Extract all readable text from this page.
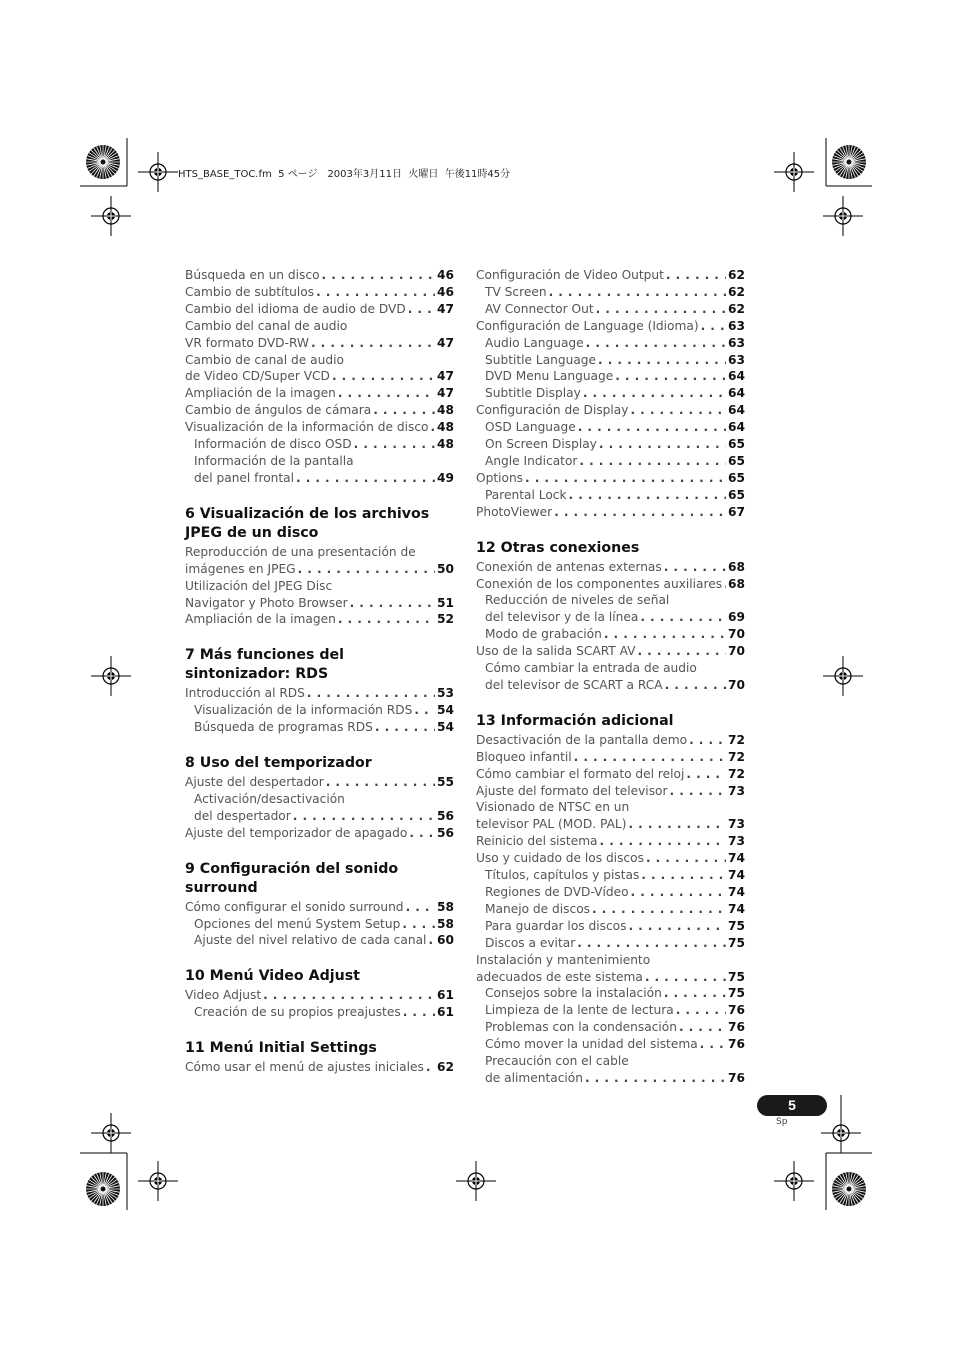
HTS_BASE_TOC.fm  5 ページ　2003年3月11日  火曜日  午後11時45分
Búsqueda en un disco . . .	46
Cambio de subtítulos . . .	46
Cambio del idioma de audio de DVD . . .	47
Cambio del canal de audio
VR formato DVD-RW . . .	47
Cambio de canal de audio
de Video CD/Super VCD . . .	47
Ampliación de la imagen . . .	47
Cambio de ángulos de cámara . . .	48
Visualización de la información de disco . . . 48
Información de disco OSD . . .	48
Información de la pantalla
del panel frontal . . .	49
6 Visualización de los archivos JPEG de un disco
Reproducción de una presentación de
imágenes en JPEG . . .	50
Utilización del JPEG Disc
Navigator y Photo Browser . . .	51
Ampliación de la imagen . . .	52
7 Más funciones del sintonizador: RDS
Introducción al RDS . . .	53
Visualización de la información RDS . . . 54
Búsqueda de programas RDS . . .	54
8 Uso del temporizador
Ajuste del despertador . . .	55
Activación/desactivación
del despertador . . .	56
Ajuste del temporizador de apagado . . . 56
9 Configuración del sonido surround
Cómo configurar el sonido surround . . .	58
Opciones del menú System Setup . . .	58
Ajuste del nivel relativo de cada canal . . . 60
10 Menú Video Adjust
Video Adjust . . .	61
Creación de su propios preajustes . . .	61
11 Menú Initial Settings
Cómo usar el menú de ajustes iniciales . . . 62
Configuración de Video Output . . .	62
TV Screen . . .	62
AV Connector Out . . .	62
Configuración de Language (Idioma) . . . 63
Audio Language . . .	63
Subtitle Language . . .	63
DVD Menu Language . . .	64
Subtitle Display . . .	64
Configuración de Display . . .	64
OSD Language . . .	64
On Screen Display . . .	65
Angle Indicator . . .	65
Options . . .	65
Parental Lock . . .	65
PhotoViewer . . .	67
12 Otras conexiones
Conexión de antenas externas . . .	68
Conexión de los componentes auxiliares . . . 68
Reducción de niveles de señal
del televisor y de la línea . . .	69
Modo de grabación . . .	70
Uso de la salida SCART AV . . .	70
Cómo cambiar la entrada de audio
del televisor de SCART a RCA . . .	70
13 Información adicional
Desactivación de la pantalla demo . . .	72
Bloqueo infantil . . .	72
Cómo cambiar el formato del reloj . . .	72
Ajuste del formato del televisor . . .	73
Visionado de NTSC en un
televisor PAL (MOD. PAL) . . .	73
Reinicio del sistema . . .	73
Uso y cuidado de los discos . . .	74
Títulos, capítulos y pistas . . .	74
Regiones de DVD-Vídeo . . .	74
Manejo de discos . . .	74
Para guardar los discos . . .	75
Discos a evitar . . .	75
Instalación y mantenimiento
adecuados de este sistema . . .	75
Consejos sobre la instalación . . .	75
Limpieza de la lente de lectura . . .	76
Problemas con la condensación . . .	76
Cómo mover la unidad del sistema . . . 76
Precaución con el cable
de alimentación . . .	76
5
Sp
